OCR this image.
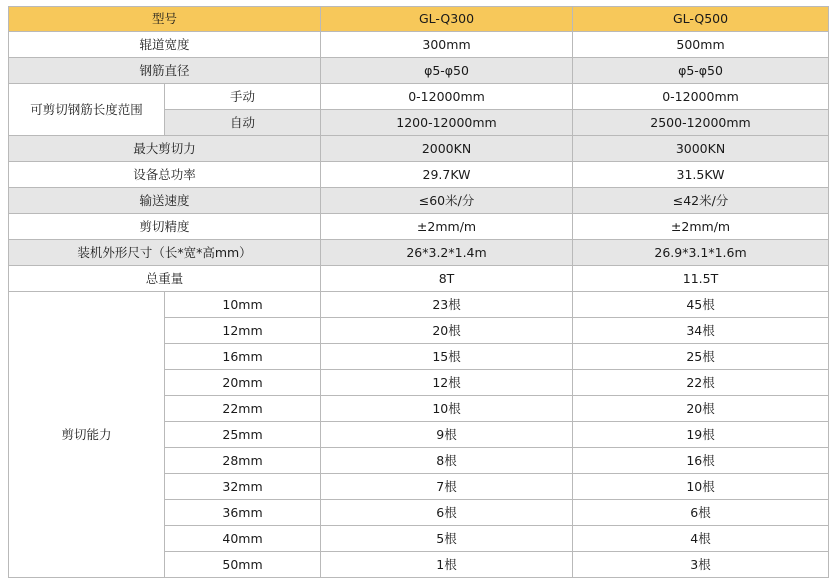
型号		GL-Q300	GL-Q500
辊道宽度		300mm	500mm
钢筋直径		φ5-φ50	φ5-φ50
可剪切钢筋长度范围	手动	0-12000mm	0-12000mm
	自动	1200-12000mm	2500-12000mm
最大剪切力		2000KN	3000KN
设备总功率		29.7KW	31.5KW
输送速度		≤60米/分	≤42米/分
剪切精度		±2mm/m	±2mm/m
装机外形尺寸（长*宽*高mm）		26*3.2*1.4m	26.9*3.1*1.6m
总重量		8T	11.5T
剪切能力	10mm	23根	45根
	12mm	20根	34根
	16mm	15根	25根
	20mm	12根	22根
	22mm	10根	20根
	25mm	9根	19根
	28mm	8根	16根
	32mm	7根	10根
	36mm	6根	6根
	40mm	5根	4根
	50mm	1根	3根
